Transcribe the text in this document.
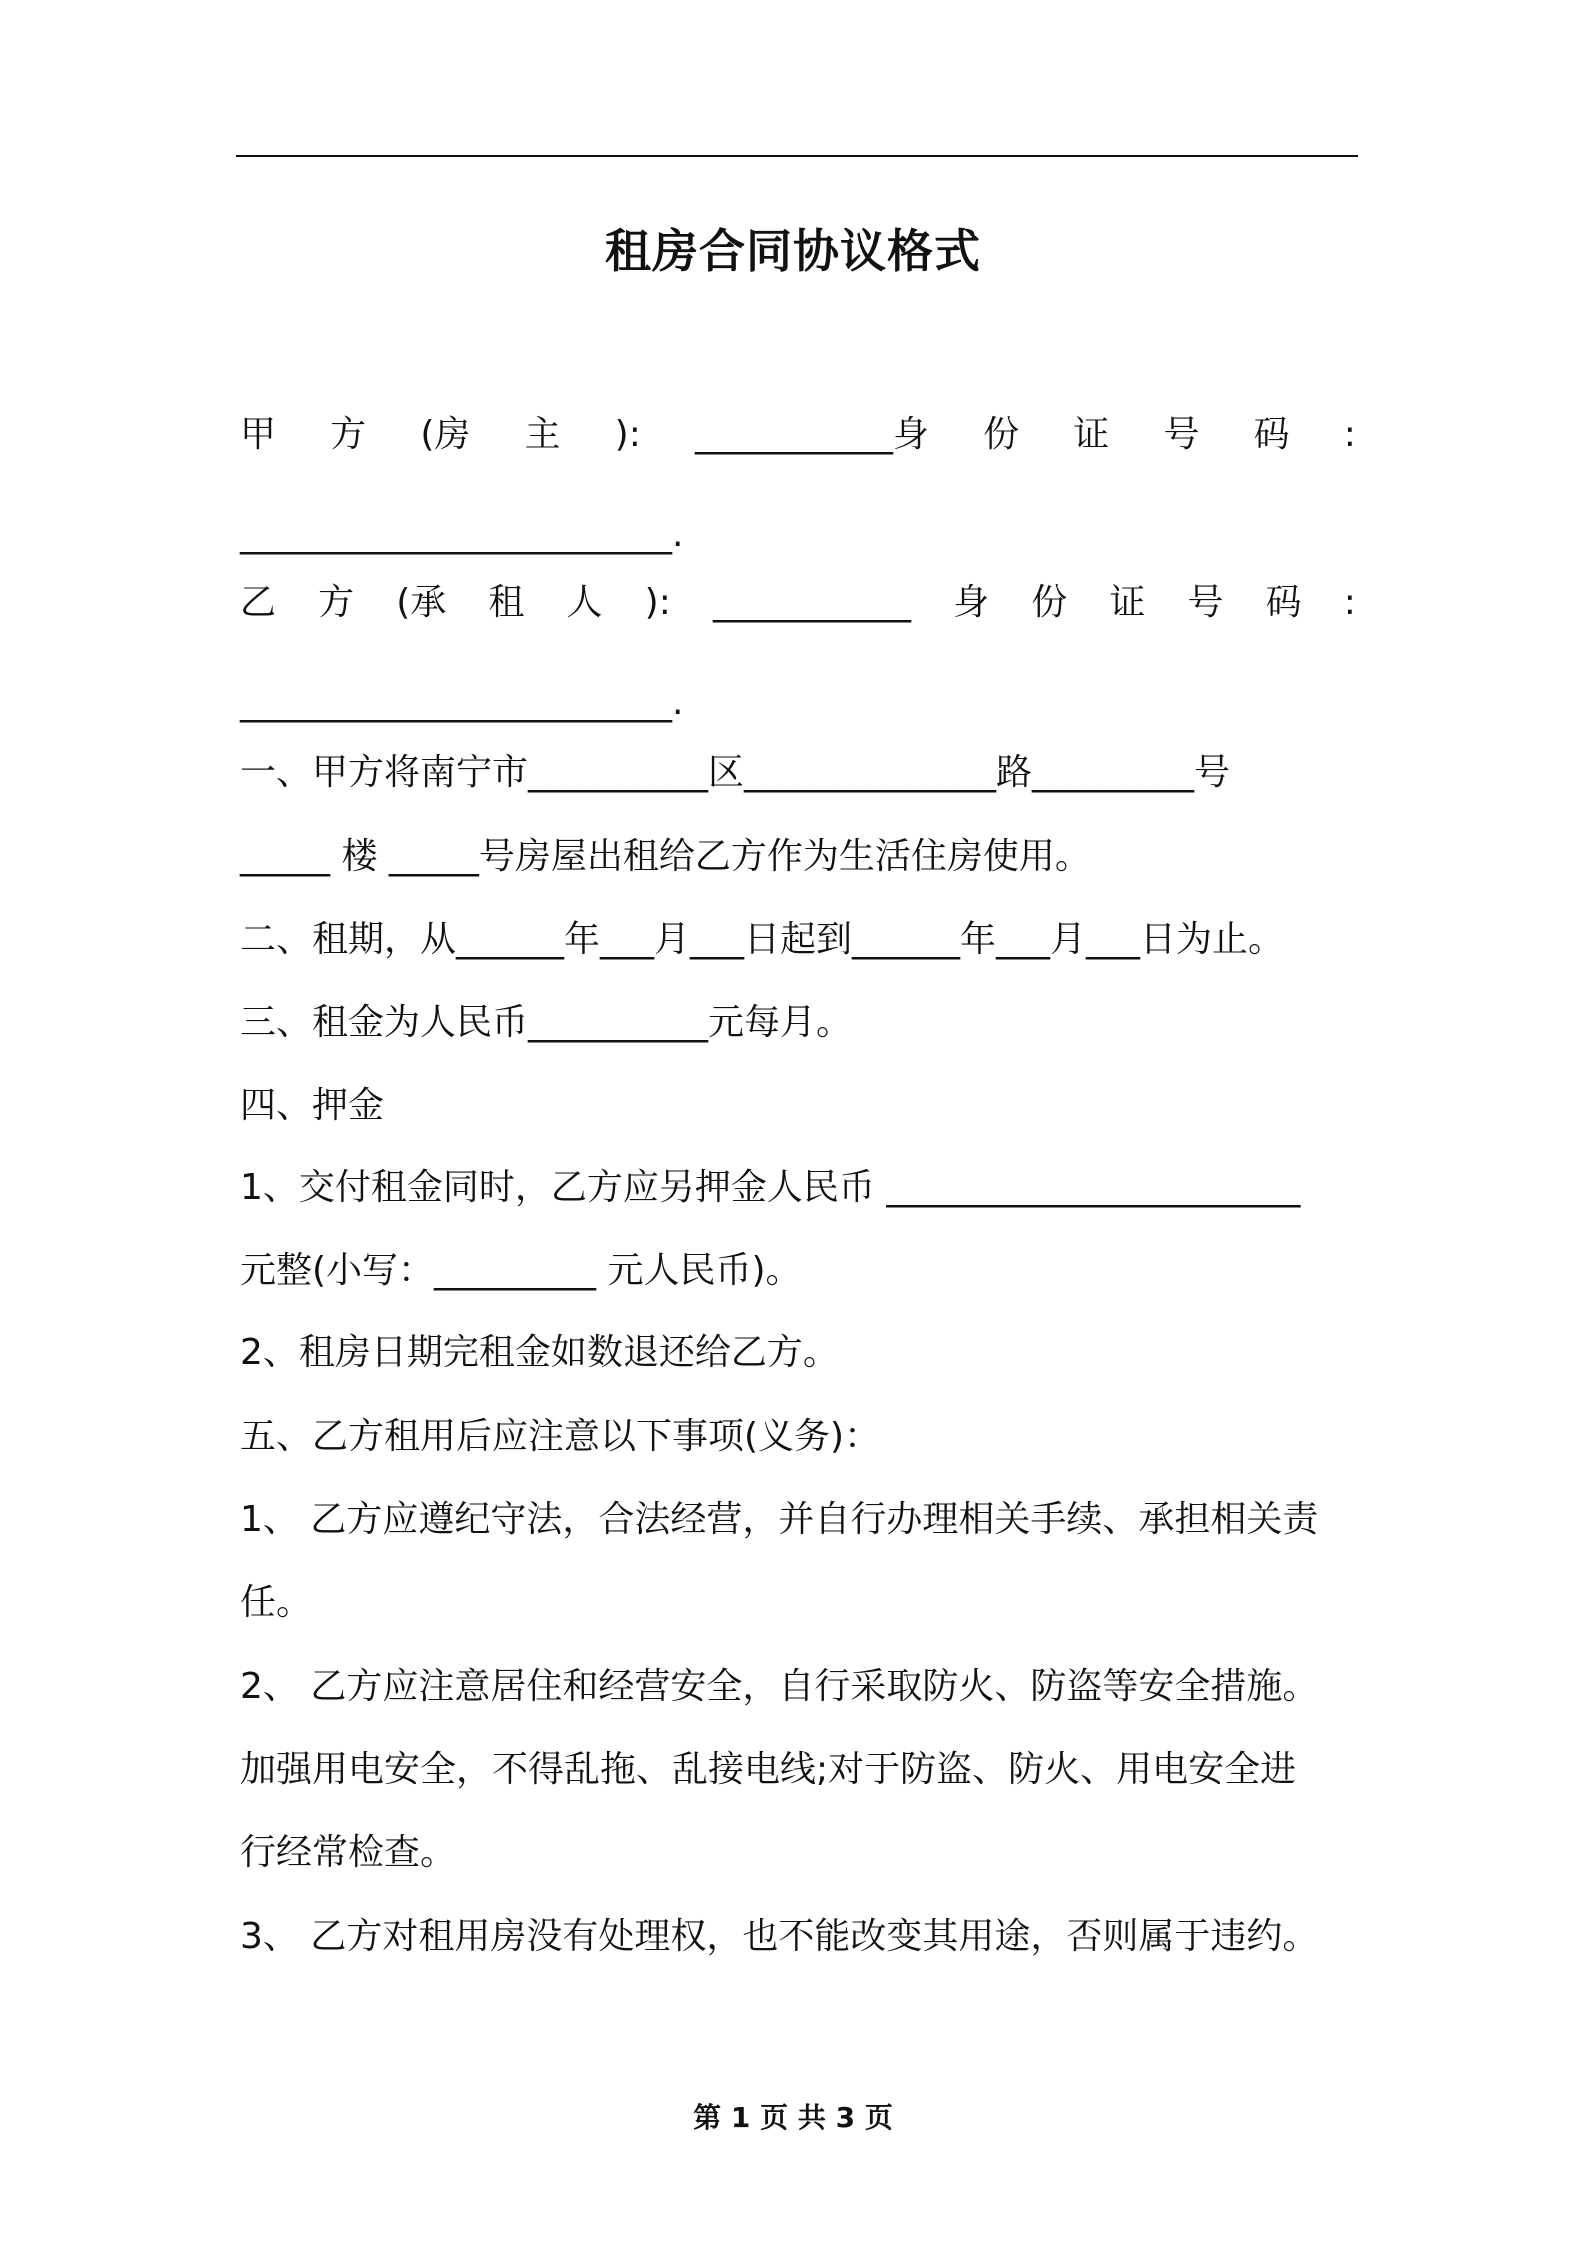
租房合同协议格式
甲 方 (房 主 ): ___________身 份 证 号 码 :
________________________.
乙 方 (承 租 人 ): ___________ 身 份 证 号 码 :
________________________.
一、甲方将南宁市__________区______________路_________号
_____ 楼 _____号房屋出租给乙方作为生活住房使用。
二、租期，从______年___月___日起到______年___月___日为止。
三、租金为人民币__________元每月。
四、押金
1、交付租金同时，乙方应另押金人民币 _______________________
元整(小写：_________ 元人民币)。
2、租房日期完租金如数退还给乙方。
五、乙方租用后应注意以下事项(义务)：
1、 乙方应遵纪守法，合法经营，并自行办理相关手续、承担相关责
任。
2、 乙方应注意居住和经营安全，自行采取防火、防盗等安全措施。
加强用电安全，不得乱拖、乱接电线;对于防盗、防火、用电安全进
行经常检查。
3、 乙方对租用房没有处理权，也不能改变其用途，否则属于违约。
第 1 页 共 3 页
